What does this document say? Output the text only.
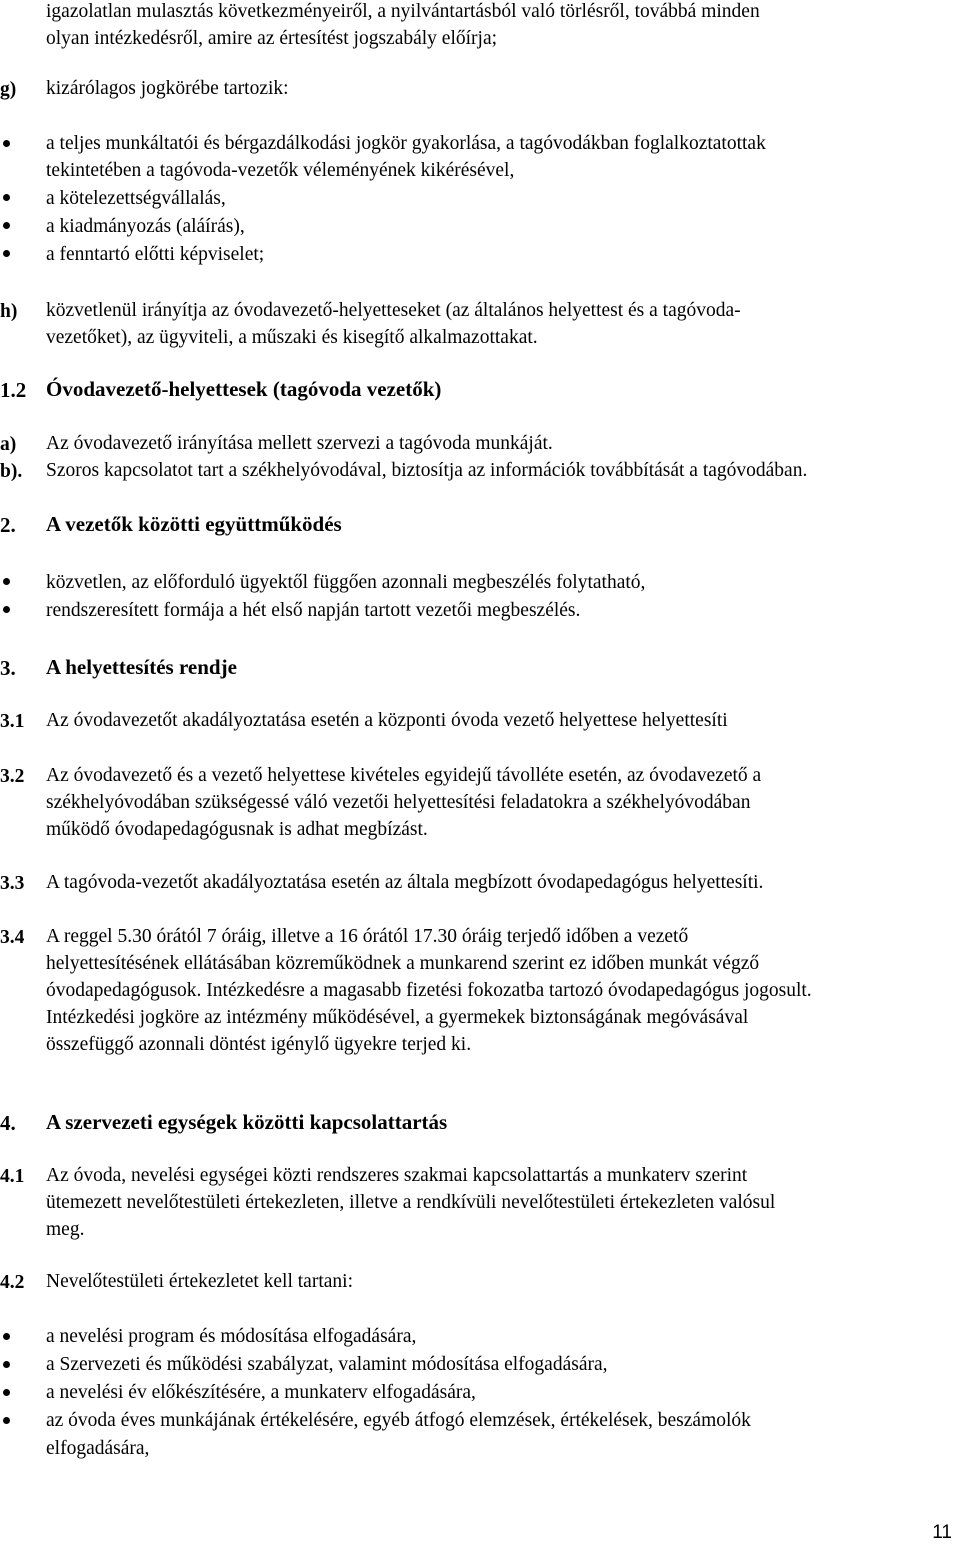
igazolatlan mulasztás következményeiről, a nyilvántartásból való törlésről, továbbá minden
olyan intézkedésről, amire az értesítést jogszabály előírja;
g) kizárólagos jogkörébe tartozik:
a teljes munkáltatói és bérgazdálkodási jogkör gyakorlása, a tagóvodákban foglalkoztatottak
tekintetében a tagóvoda-vezetők véleményének kikérésével,
a kötelezettségvállalás,
a kiadmányozás (aláírás),
a fenntartó előtti képviselet;
h) közvetlenül irányítja az óvodavezető-helyetteseket (az általános helyettest és a tagóvoda-
vezetőket), az ügyviteli, a műszaki és kisegítő alkalmazottakat.
1.2 Óvodavezető-helyettesek (tagóvoda vezetők)
a) Az óvodavezető irányítása mellett szervezi a tagóvoda munkáját.
b). Szoros kapcsolatot tart a székhelyóvodával, biztosítja az információk továbbítását a tagóvodában.
2. A vezetők közötti együttműködés
közvetlen, az előforduló ügyektől függően azonnali megbeszélés folytatható,
rendszeresített formája a hét első napján tartott vezetői megbeszélés.
3. A helyettesítés rendje
3.1 Az óvodavezetőt akadályoztatása esetén a központi óvoda vezető helyettese helyettesíti
3.2 Az óvodavezető és a vezető helyettese kivételes egyidejű távolléte esetén, az óvodavezető a
székhelyóvodában szükségessé váló vezetői helyettesítési feladatokra a székhelyóvodában
működő óvodapedagógusnak is adhat megbízást.
3.3 A tagóvoda-vezetőt akadályoztatása esetén az általa megbízott óvodapedagógus helyettesíti.
3.4 A reggel 5.30 órától 7 óráig, illetve a 16 órától 17.30 óráig terjedő időben a vezető
helyettesítésének ellátásában közreműködnek a munkarend szerint ez időben munkát végző
óvodapedagógusok. Intézkedésre a magasabb fizetési fokozatba tartozó óvodapedagógus jogosult.
Intézkedési jogköre az intézmény működésével, a gyermekek biztonságának megóvásával
összefüggő azonnali döntést igénylő ügyekre terjed ki.
4. A szervezeti egységek közötti kapcsolattartás
4.1 Az óvoda, nevelési egységei közti rendszeres szakmai kapcsolattartás a munkaterv szerint
ütemezett nevelőtestületi értekezleten, illetve a rendkívüli nevelőtestületi értekezleten valósul
meg.
4.2 Nevelőtestületi értekezletet kell tartani:
a nevelési program és módosítása elfogadására,
a Szervezeti és működési szabályzat, valamint módosítása elfogadására,
a nevelési év előkészítésére, a munkaterv elfogadására,
az óvoda éves munkájának értékelésére, egyéb átfogó elemzések, értékelések, beszámolók
elfogadására,
11
